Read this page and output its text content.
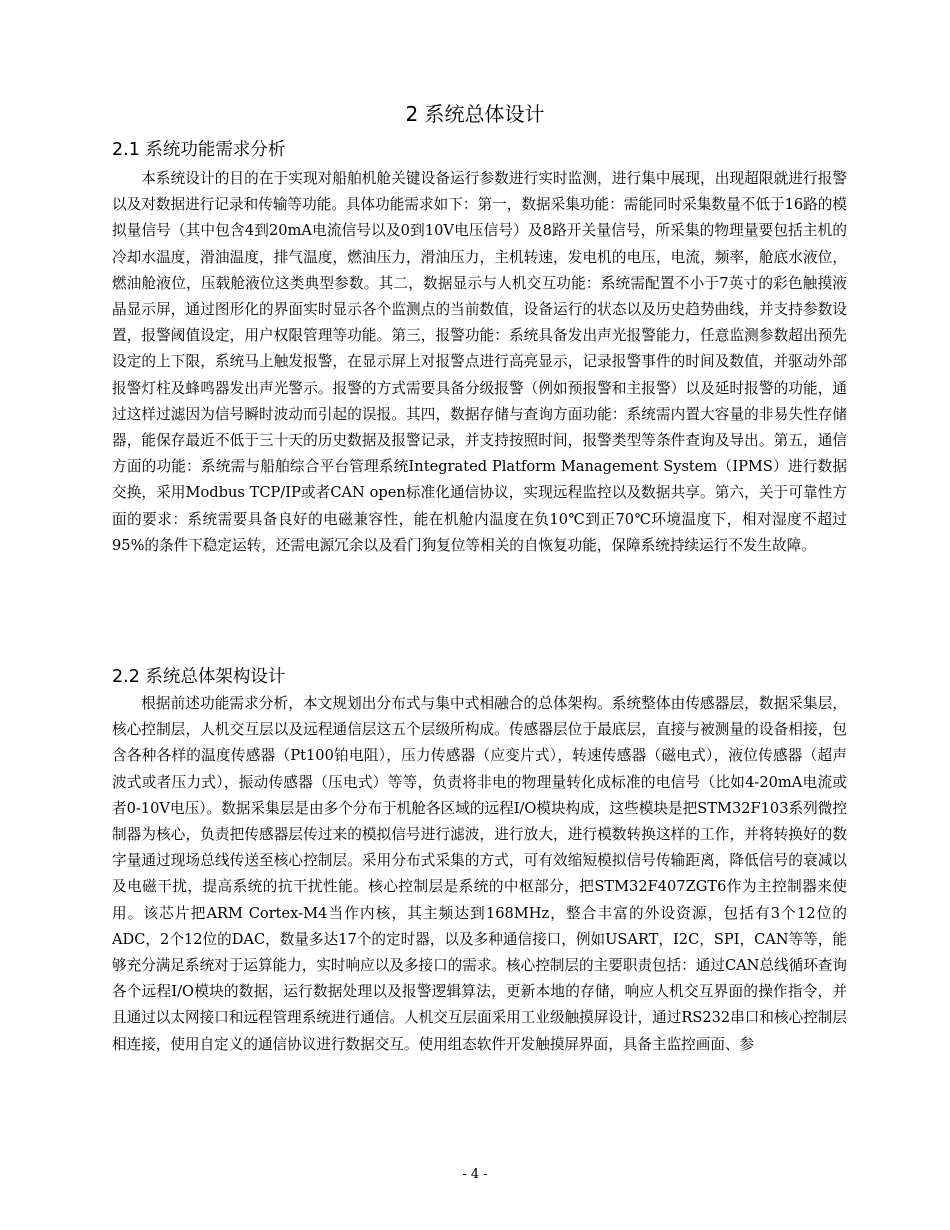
2 系统总体设计
2.1 系统功能需求分析

本系统设计的目的在于实现对船舶机舱关键设备运行参数进行实时监测，进行集中展现，出现超限就进行报警以及对数据进行记录和传输等功能。具体功能需求如下：第一，数据采集功能：需能同时采集数量不低于16路的模拟量信号（其中包含4到20mA电流信号以及0到10V电压信号）及8路开关量信号，所采集的物理量要包括主机的冷却水温度，滑油温度，排气温度，燃油压力，滑油压力，主机转速，发电机的电压，电流，频率，舱底水液位，燃油舱液位，压载舱液位这类典型参数。其二，数据显示与人机交互功能：系统需配置不小于7英寸的彩色触摸液晶显示屏，通过图形化的界面实时显示各个监测点的当前数值，设备运行的状态以及历史趋势曲线，并支持参数设置，报警阈值设定，用户权限管理等功能。第三，报警功能：系统具备发出声光报警能力，任意监测参数超出预先设定的上下限，系统马上触发报警，在显示屏上对报警点进行高亮显示，记录报警事件的时间及数值，并驱动外部报警灯柱及蜂鸣器发出声光警示。报警的方式需要具备分级报警（例如预报警和主报警）以及延时报警的功能，通过这样过滤因为信号瞬时波动而引起的误报。其四，数据存储与查询方面功能：系统需内置大容量的非易失性存储器，能保存最近不低于三十天的历史数据及报警记录，并支持按照时间，报警类型等条件查询及导出。第五，通信方面的功能：系统需与船舶综合平台管理系统Integrated Platform Management System（IPMS）进行数据交换，采用Modbus TCP/IP或者CAN open标准化通信协议，实现远程监控以及数据共享。第六，关于可靠性方面的要求：系统需要具备良好的电磁兼容性，能在机舱内温度在负10℃到正70℃环境温度下，相对湿度不超过95%的条件下稳定运转，还需电源冗余以及看门狗复位等相关的自恢复功能，保障系统持续运行不发生故障。

2.2 系统总体架构设计

根据前述功能需求分析，本文规划出分布式与集中式相融合的总体架构。系统整体由传感器层，数据采集层，核心控制层，人机交互层以及远程通信层这五个层级所构成。传感器层位于最底层，直接与被测量的设备相接，包含各种各样的温度传感器（Pt100铂电阻），压力传感器（应变片式），转速传感器（磁电式），液位传感器（超声波式或者压力式），振动传感器（压电式）等等，负责将非电的物理量转化成标准的电信号（比如4-20mA电流或者0-10V电压）。数据采集层是由多个分布于机舱各区域的远程I/O模块构成，这些模块是把STM32F103系列微控制器为核心，负责把传感器层传过来的模拟信号进行滤波，进行放大，进行模数转换这样的工作，并将转换好的数字量通过现场总线传送至核心控制层。采用分布式采集的方式，可有效缩短模拟信号传输距离，降低信号的衰减以及电磁干扰，提高系统的抗干扰性能。核心控制层是系统的中枢部分，把STM32F407ZGT6作为主控制器来使用。该芯片把ARM Cortex-M4当作内核，其主频达到168MHz，整合丰富的外设资源，包括有3个12位的ADC，2个12位的DAC，数量多达17个的定时器，以及多种通信接口，例如USART，I2C，SPI，CAN等等，能够充分满足系统对于运算能力，实时响应以及多接口的需求。核心控制层的主要职责包括：通过CAN总线循环查询各个远程I/O模块的数据，运行数据处理以及报警逻辑算法，更新本地的存储，响应人机交互界面的操作指令，并且通过以太网接口和远程管理系统进行通信。人机交互层面采用工业级触摸屏设计，通过RS232串口和核心控制层相连接，使用自定义的通信协议进行数据交互。使用组态软件开发触摸屏界面，具备主监控画面、参

- 4 -
